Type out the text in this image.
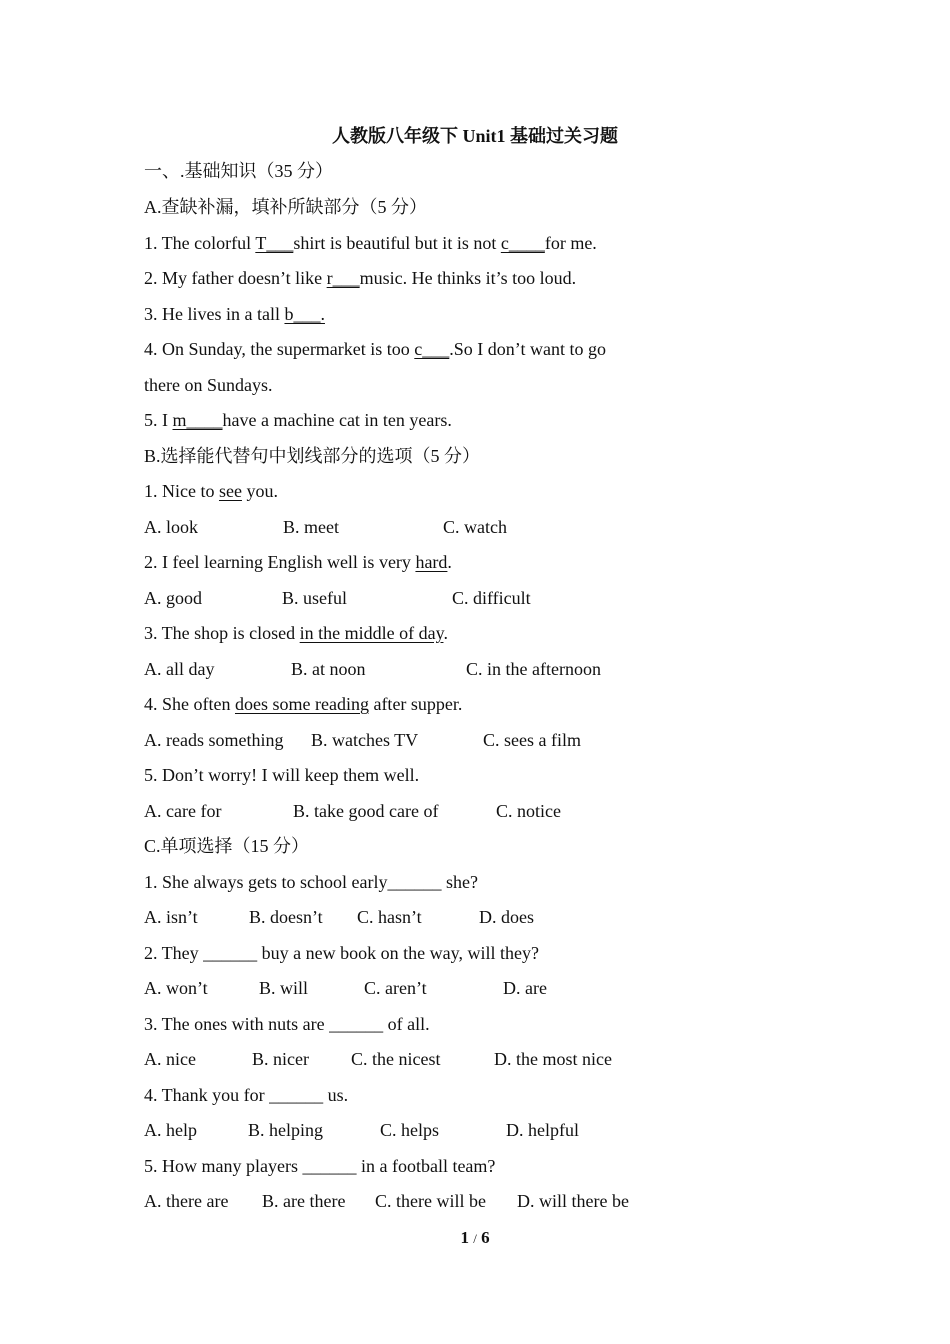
人教版八年级下 Unit1 基础过关习题
一、.基础知识（35 分）
A.查缺补漏，填补所缺部分（5 分）
1. The colorful T___shirt is beautiful but it is not c____for me.
2. My father doesn’t like r___music. He thinks it’s too loud.
3. He lives in a tall b___.
4. On Sunday, the supermarket is too c___.So I don’t want to go
there on Sundays.
5. I m____have a machine cat in ten years.
B.选择能代替句中划线部分的选项（5 分）
1. Nice to see you.
A. look	B. meet	C. watch
2. I feel learning English well is very hard.
A. good	B. useful	C. difficult
3. The shop is closed in the middle of day.
A. all day	B. at noon	C. in the afternoon
4. She often does some reading after supper.
A. reads something B. watches TV	C. sees a film
5. Don’t worry! I will keep them well.
A. care for	B. take good care of	C. notice
C.单项选择（15 分）
1. She always gets to school early______ she?
A. isn’t	B. doesn’t C. hasn’t	D. does
2. They ______ buy a new book on the way, will they?
A. won’t	B. will	C. aren’t	D. are
3. The ones with nuts are ______ of all.
A. nice	B. nicer C. the nicest	D. the most nice
4. Thank you for ______ us.
A. help	B. helping	C. helps	D. helpful
5. How many players ______ in a football team?
A. there are B. are there C. there will be D. will there be
1 / 6
